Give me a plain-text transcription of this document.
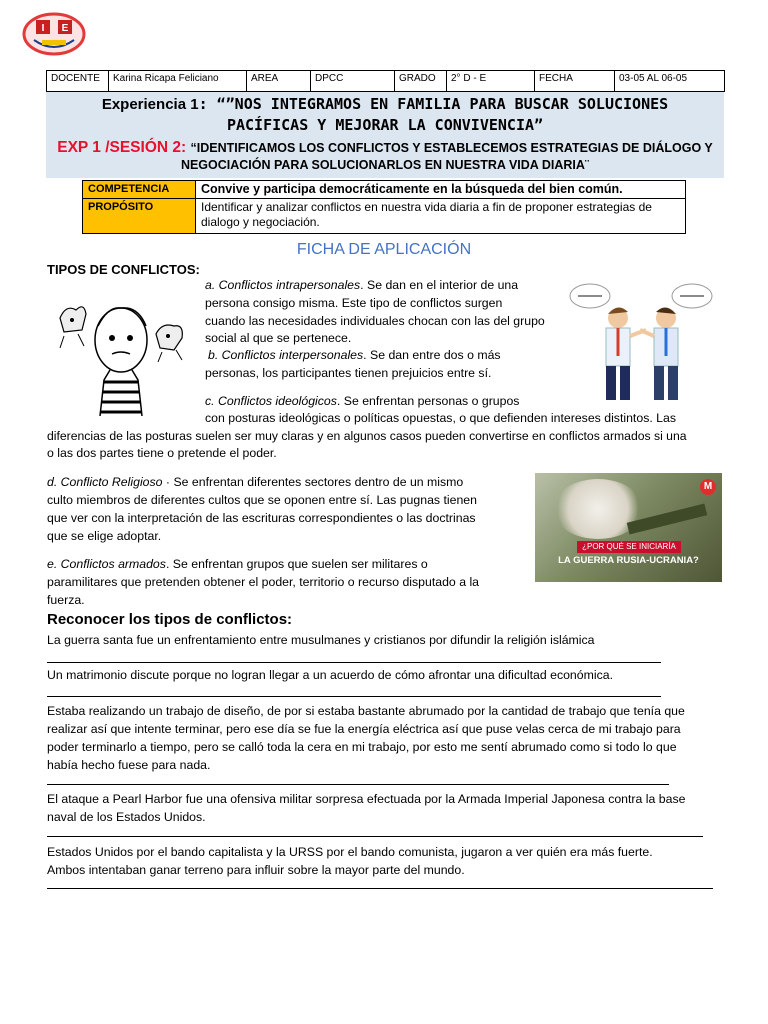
I E
DOCENTE	Karina Ricapa Feliciano	AREA	DPCC	GRADO	2° D - E	FECHA	03-05 AL 06-05
Experiencia 1: “”NOS INTEGRAMOS EN FAMILIA PARA BUSCAR SOLUCIONES
PACÍFICAS Y MEJORAR LA CONVIVENCIA”
EXP 1 /SESIÓN 2: “IDENTIFICAMOS LOS CONFLICTOS Y ESTABLECEMOS ESTRATEGIAS DE DIÁLOGO Y
NEGOCIACIÓN PARA SOLUCIONARLOS EN NUESTRA VIDA DIARIA¨
COMPETENCIA	Convive y participa democráticamente en la búsqueda del bien común.
PROPÓSITO	Identificar y analizar conflictos en nuestra vida diaria a fin de proponer estrategias de dialogo y negociación.
FICHA DE APLICACIÓN
TIPOS DE CONFLICTOS:
a. Conflictos intrapersonales. Se dan en el interior de una
persona consigo misma. Este tipo de conflictos surgen
cuando las necesidades individuales chocan con las del grupo
social al que se pertenece.
b. Conflictos interpersonales. Se dan entre dos o más
personas, los participantes tienen prejuicios entre sí.
c. Conflictos ideológicos. Se enfrentan personas o grupos
con posturas ideológicas o políticas opuestas, o que defienden intereses distintos. Las
diferencias de las posturas suelen ser muy claras y en algunos casos pueden convertirse en conflictos armados si una
o las dos partes tiene o pretende el poder.
d. Conflicto Religioso · Se enfrentan diferentes sectores dentro de un mismo
culto miembros de diferentes cultos que se oponen entre sí. Las pugnas tienen
que ver con la interpretación de las escrituras correspondientes o las doctrinas
que se elige adoptar.
M
¿POR QUÉ SE INICIARÍA
LA GUERRA RUSIA-UCRANIA?
e. Conflictos armados. Se enfrentan grupos que suelen ser militares o
paramilitares que pretenden obtener el poder, territorio o recurso disputado a la
fuerza.
Reconocer los tipos de conflictos:
La guerra santa fue un enfrentamiento entre musulmanes y cristianos por difundir la religión islámica
Un matrimonio discute porque no logran llegar a un acuerdo de cómo afrontar una dificultad económica.
Estaba realizando un trabajo de diseño, de por si estaba bastante abrumado por la cantidad de trabajo que tenía que
realizar así que intente terminar, pero ese día se fue la energía eléctrica así que puse velas cerca de mi trabajo para
poder terminarlo a tiempo, pero se calló toda la cera en mi trabajo, por esto me sentí abrumado como si todo lo que
había hecho fuese para nada.
El ataque a Pearl Harbor fue una ofensiva militar sorpresa efectuada por la Armada Imperial Japonesa contra la base
naval de los Estados Unidos.
Estados Unidos por el bando capitalista y la URSS por el bando comunista, jugaron a ver quién era más fuerte.
Ambos intentaban ganar terreno para influir sobre la mayor parte del mundo.
